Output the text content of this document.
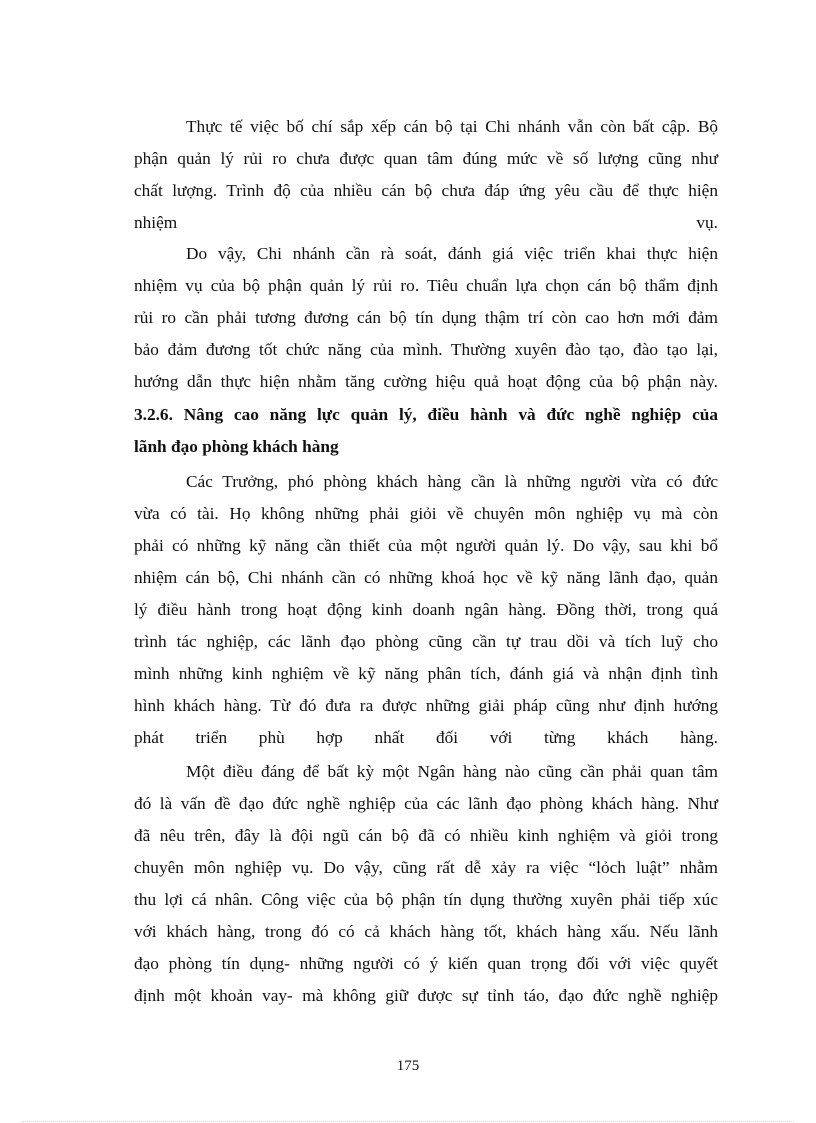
Thực tế việc bố chí sắp xếp cán bộ tại Chi nhánh vẫn còn bất cập. Bộ
phận quản lý rủi ro chưa được quan tâm đúng mức về số lượng cũng như
chất lượng. Trình độ của nhiều cán bộ chưa đáp ứng yêu cầu để thực hiện
nhiệm	vụ.
Do vậy, Chi nhánh cần rà soát, đánh giá việc triển khai thực hiện
nhiệm vụ của bộ phận quản lý rủi ro. Tiêu chuẩn lựa chọn cán bộ thẩm định
rủi ro cần phải tương đương cán bộ tín dụng thậm trí còn cao hơn mới đảm
bảo đảm đương tốt chức năng của mình. Thường xuyên đào tạo, đào tạo lại,
hướng dẫn thực hiện nhằm tăng cường hiệu quả hoạt động của bộ phận này.
3.2.6. Nâng cao năng lực quản lý, điều hành và đức nghề nghiệp của
lãnh đạo phòng khách hàng
Các Trưởng, phó phòng khách hàng cần là những người vừa có đức
vừa có tài. Họ không những phải giỏi về chuyên môn nghiệp vụ mà còn
phải có những kỹ năng cần thiết của một người quản lý. Do vậy, sau khi bổ
nhiệm cán bộ, Chi nhánh cần có những khoá học về kỹ năng lãnh đạo, quản
lý điều hành trong hoạt động kinh doanh ngân hàng. Đồng thời, trong quá
trình tác nghiệp, các lãnh đạo phòng cũng cần tự trau dồi và tích luỹ cho
mình những kinh nghiệm về kỹ năng phân tích, đánh giá và nhận định tình
hình khách hàng. Từ đó đưa ra được những giải pháp cũng như định hướng
phát triển phù hợp nhất đối với từng khách hàng.
Một điều đáng để bất kỳ một Ngân hàng nào cũng cần phải quan tâm
đó là vấn đề đạo đức nghề nghiệp của các lãnh đạo phòng khách hàng. Như
đã nêu trên, đây là đội ngũ cán bộ đã có nhiều kinh nghiệm và giỏi trong
chuyên môn nghiệp vụ. Do vậy, cũng rất dễ xảy ra việc “lỏch luật” nhằm
thu lợi cá nhân. Công việc của bộ phận tín dụng thường xuyên phải tiếp xúc
với khách hàng, trong đó có cả khách hàng tốt, khách hàng xấu. Nếu lãnh
đạo phòng tín dụng- những người có ý kiến quan trọng đối với việc quyết
định một khoản vay- mà không giữ được sự tỉnh táo, đạo đức nghề nghiệp
175
